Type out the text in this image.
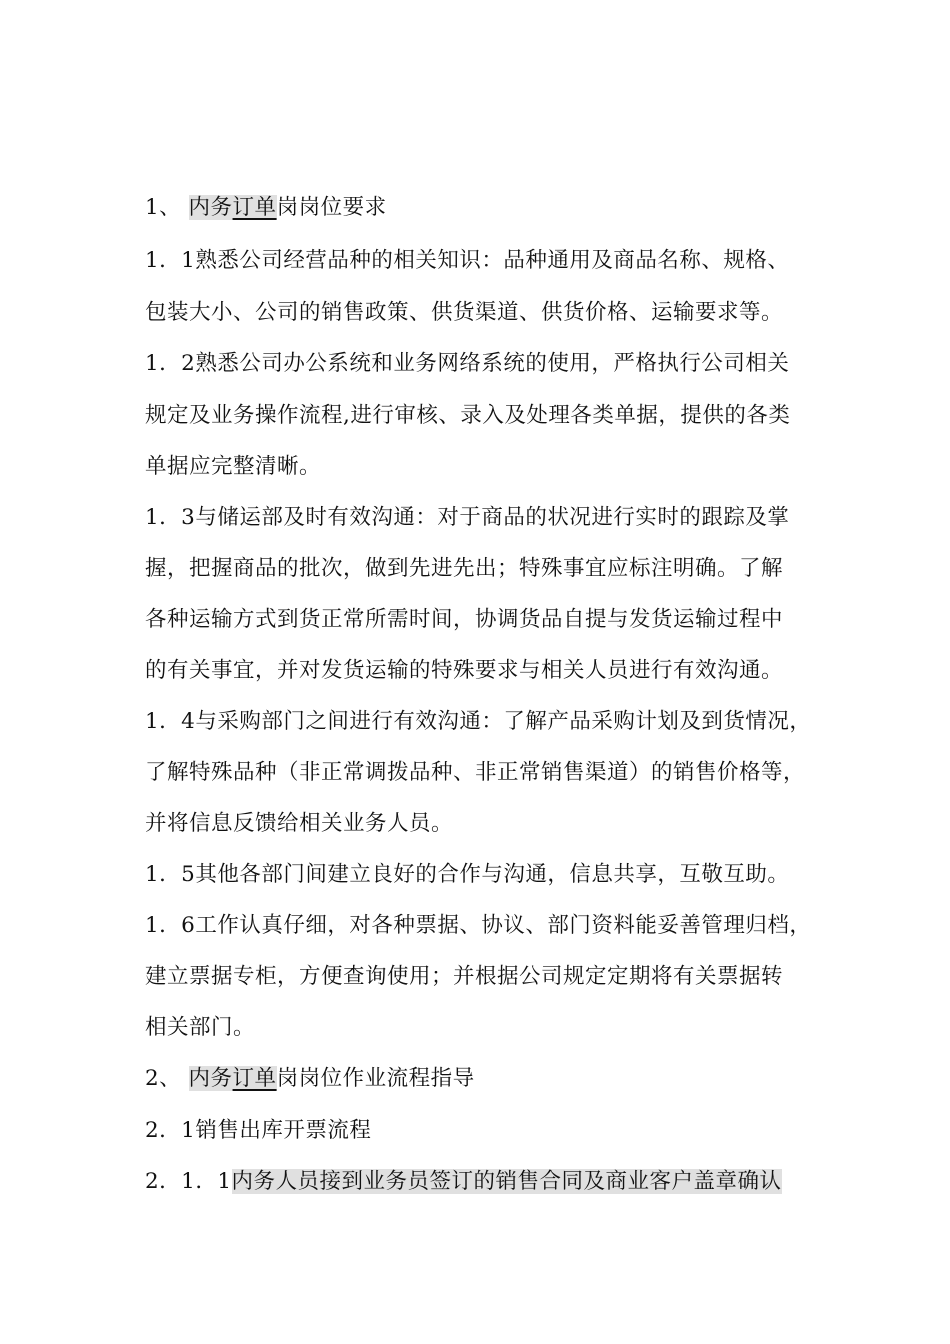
1、 内务订单岗岗位要求
1．1熟悉公司经营品种的相关知识：品种通用及商品名称、规格、
包装大小、公司的销售政策、供货渠道、供货价格、运输要求等。
1．2熟悉公司办公系统和业务网络系统的使用，严格执行公司相关
规定及业务操作流程,进行审核、录入及处理各类单据，提供的各类
单据应完整清晰。
1．3与储运部及时有效沟通：对于商品的状况进行实时的跟踪及掌
握，把握商品的批次，做到先进先出；特殊事宜应标注明确。了解
各种运输方式到货正常所需时间，协调货品自提与发货运输过程中
的有关事宜，并对发货运输的特殊要求与相关人员进行有效沟通。
1．4与采购部门之间进行有效沟通：了解产品采购计划及到货情况，
了解特殊品种（非正常调拨品种、非正常销售渠道）的销售价格等，
并将信息反馈给相关业务人员。
1．5其他各部门间建立良好的合作与沟通，信息共享，互敬互助。
1．6工作认真仔细，对各种票据、协议、部门资料能妥善管理归档，
建立票据专柜，方便查询使用；并根据公司规定定期将有关票据转
相关部门。
2、 内务订单岗岗位作业流程指导
2．1销售出库开票流程
2．1．1内务人员接到业务员签订的销售合同及商业客户盖章确认
